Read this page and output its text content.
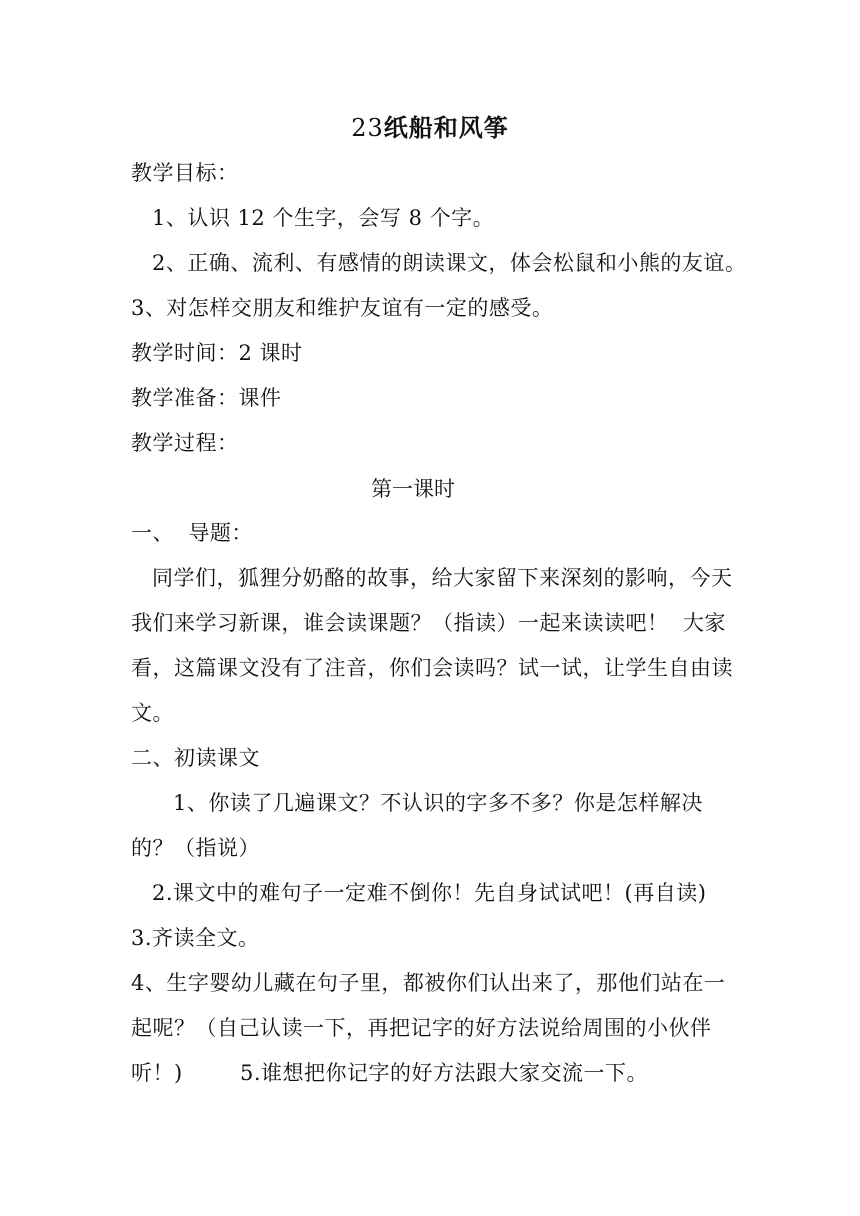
23纸船和风筝
教学目标：
1、认识 12 个生字，会写 8 个字。
2、正确、流利、有感情的朗读课文，体会松鼠和小熊的友谊。
3、对怎样交朋友和维护友谊有一定的感受。
教学时间：2 课时
教学准备：课件
教学过程：
第一课时
一、  导题：
同学们，狐狸分奶酪的故事，给大家留下来深刻的影响，今天
我们来学习新课，谁会读课题？（指读）一起来读读吧！  大家
看，这篇课文没有了注音，你们会读吗？试一试，让学生自由读
文。
二、初读课文
1、你读了几遍课文？不认识的字多不多？你是怎样解决
的？（指说）
2.课文中的难句子一定难不倒你！先自身试试吧！(再自读)
3.齐读全文。
4、生字婴幼儿藏在句子里，都被你们认出来了，那他们站在一
起呢？（自己认读一下，再把记字的好方法说给周围的小伙伴
听！)	5.谁想把你记字的好方法跟大家交流一下。
